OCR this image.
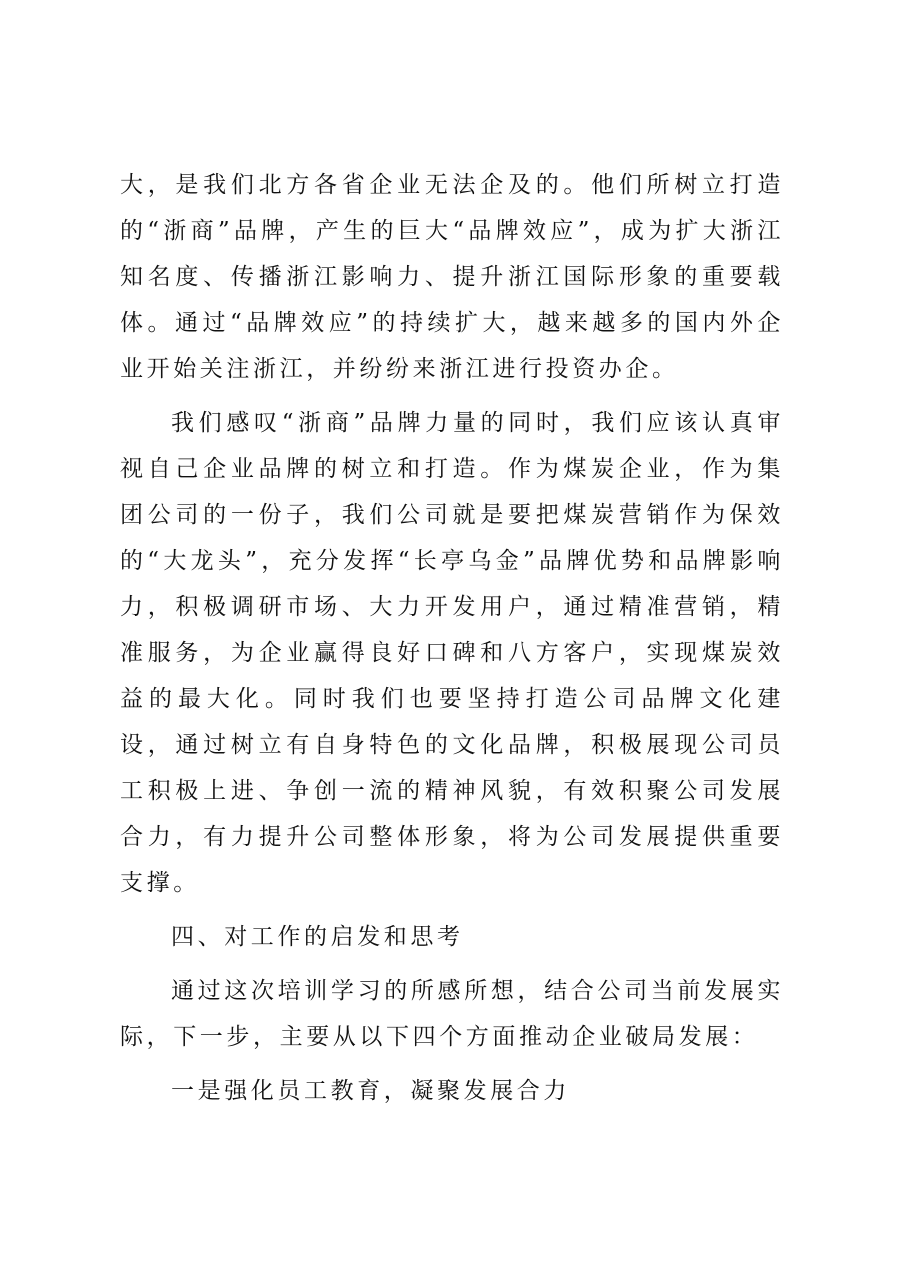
大，是我们北方各省企业无法企及的。他们所树立打造的“浙商”品牌，产生的巨大“品牌效应”，成为扩大浙江知名度、传播浙江影响力、提升浙江国际形象的重要载体。通过“品牌效应”的持续扩大，越来越多的国内外企业开始关注浙江，并纷纷来浙江进行投资办企。

我们感叹“浙商”品牌力量的同时，我们应该认真审视自己企业品牌的树立和打造。作为煤炭企业，作为集团公司的一份子，我们公司就是要把煤炭营销作为保效的“大龙头”，充分发挥“长亭乌金”品牌优势和品牌影响力，积极调研市场、大力开发用户，通过精准营销，精准服务，为企业赢得良好口碑和八方客户，实现煤炭效益的最大化。同时我们也要坚持打造公司品牌文化建设，通过树立有自身特色的文化品牌，积极展现公司员工积极上进、争创一流的精神风貌，有效积聚公司发展合力，有力提升公司整体形象，将为公司发展提供重要支撑。

四、对工作的启发和思考

通过这次培训学习的所感所想，结合公司当前发展实际，下一步，主要从以下四个方面推动企业破局发展：

一是强化员工教育，凝聚发展合力
